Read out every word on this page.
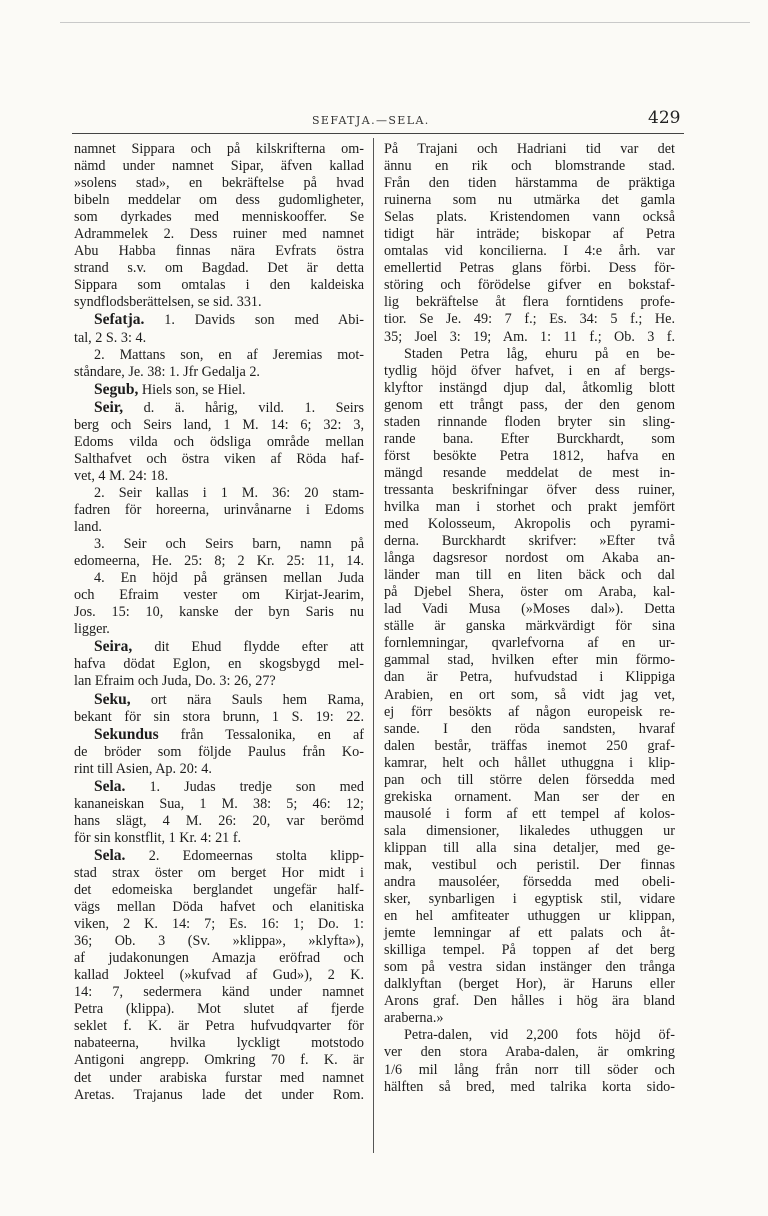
SEFATJA.—SELA.	429
namnet Sippara och på kilskrifterna om-
nämd under namnet Sipar, äfven kallad
»solens stad», en bekräftelse på hvad
bibeln meddelar om dess gudomligheter,
som dyrkades med menniskooffer. Se
Adrammelek 2. Dess ruiner med namnet
Abu Habba finnas nära Evfrats östra
strand s.v. om Bagdad. Det är detta
Sippara som omtalas i den kaldeiska
syndflodsberättelsen, se sid. 331.
Sefatja. 1. Davids son med Abi-
tal, 2 S. 3: 4.
2. Mattans son, en af Jeremias mot-
ståndare, Je. 38: 1. Jfr Gedalja 2.
Segub, Hiels son, se Hiel.
Seir, d. ä. hårig, vild. 1. Seirs
berg och Seirs land, 1 M. 14: 6; 32: 3,
Edoms vilda och ödsliga område mellan
Salthafvet och östra viken af Röda haf-
vet, 4 M. 24: 18.
2. Seir kallas i 1 M. 36: 20 stam-
fadren för horeerna, urinvånarne i Edoms
land.
3. Seir och Seirs barn, namn på
edomeerna, He. 25: 8; 2 Kr. 25: 11, 14.
4. En höjd på gränsen mellan Juda
och Efraim vester om Kirjat-Jearim,
Jos. 15: 10, kanske der byn Saris nu
ligger.
Seira, dit Ehud flydde efter att
hafva dödat Eglon, en skogsbygd mel-
lan Efraim och Juda, Do. 3: 26, 27?
Seku, ort nära Sauls hem Rama,
bekant för sin stora brunn, 1 S. 19: 22.
Sekundus från Tessalonika, en af
de bröder som följde Paulus från Ko-
rint till Asien, Ap. 20: 4.
Sela. 1. Judas tredje son med
kananeiskan Sua, 1 M. 38: 5; 46: 12;
hans slägt, 4 M. 26: 20, var berömd
för sin konstflit, 1 Kr. 4: 21 f.
Sela. 2. Edomeernas stolta klipp-
stad strax öster om berget Hor midt i
det edomeiska berglandet ungefär half-
vägs mellan Döda hafvet och elanitiska
viken, 2 K. 14: 7; Es. 16: 1; Do. 1:
36; Ob. 3 (Sv. »klippa», »klyfta»),
af judakonungen Amazja eröfrad och
kallad Jokteel (»kufvad af Gud»), 2 K.
14: 7, sedermera känd under namnet
Petra (klippa). Mot slutet af fjerde
seklet f. K. är Petra hufvudqvarter för
nabateerna, hvilka lyckligt motstodo
Antigoni angrepp. Omkring 70 f. K. är
det under arabiska furstar med namnet
Aretas. Trajanus lade det under Rom.
På Trajani och Hadriani tid var det
ännu en rik och blomstrande stad.
Från den tiden härstamma de präktiga
ruinerna som nu utmärka det gamla
Selas plats. Kristendomen vann också
tidigt här inträde; biskopar af Petra
omtalas vid koncilierna. I 4:e årh. var
emellertid Petras glans förbi. Dess för-
störing och förödelse gifver en bokstaf-
lig bekräftelse åt flera forntidens profe-
tior. Se Je. 49: 7 f.; Es. 34: 5 f.; He.
35; Joel 3: 19; Am. 1: 11 f.; Ob. 3 f.
Staden Petra låg, ehuru på en be-
tydlig höjd öfver hafvet, i en af bergs-
klyftor instängd djup dal, åtkomlig blott
genom ett trångt pass, der den genom
staden rinnande floden bryter sin sling-
rande bana. Efter Burckhardt, som
först besökte Petra 1812, hafva en
mängd resande meddelat de mest in-
tressanta beskrifningar öfver dess ruiner,
hvilka man i storhet och prakt jemfört
med Kolosseum, Akropolis och pyrami-
derna. Burckhardt skrifver: »Efter två
långa dagsresor nordost om Akaba an-
länder man till en liten bäck och dal
på Djebel Shera, öster om Araba, kal-
lad Vadi Musa (»Moses dal»). Detta
ställe är ganska märkvärdigt för sina
fornlemningar, qvarlefvorna af en ur-
gammal stad, hvilken efter min förmo-
dan är Petra, hufvudstad i Klippiga
Arabien, en ort som, så vidt jag vet,
ej förr besökts af någon europeisk re-
sande. I den röda sandsten, hvaraf
dalen består, träffas inemot 250 graf-
kamrar, helt och hållet uthuggna i klip-
pan och till större delen försedda med
grekiska ornament. Man ser der en
mausolé i form af ett tempel af kolos-
sala dimensioner, likaledes uthuggen ur
klippan till alla sina detaljer, med ge-
mak, vestibul och peristil. Der finnas
andra mausoléer, försedda med obeli-
sker, synbarligen i egyptisk stil, vidare
en hel amfiteater uthuggen ur klippan,
jemte lemningar af ett palats och åt-
skilliga tempel. På toppen af det berg
som på vestra sidan instänger den trånga
dalklyftan (berget Hor), är Haruns eller
Arons graf. Den hålles i hög ära bland
araberna.»
Petra-dalen, vid 2,200 fots höjd öf-
ver den stora Araba-dalen, är omkring
1/6 mil lång från norr till söder och
hälften så bred, med talrika korta sido-
